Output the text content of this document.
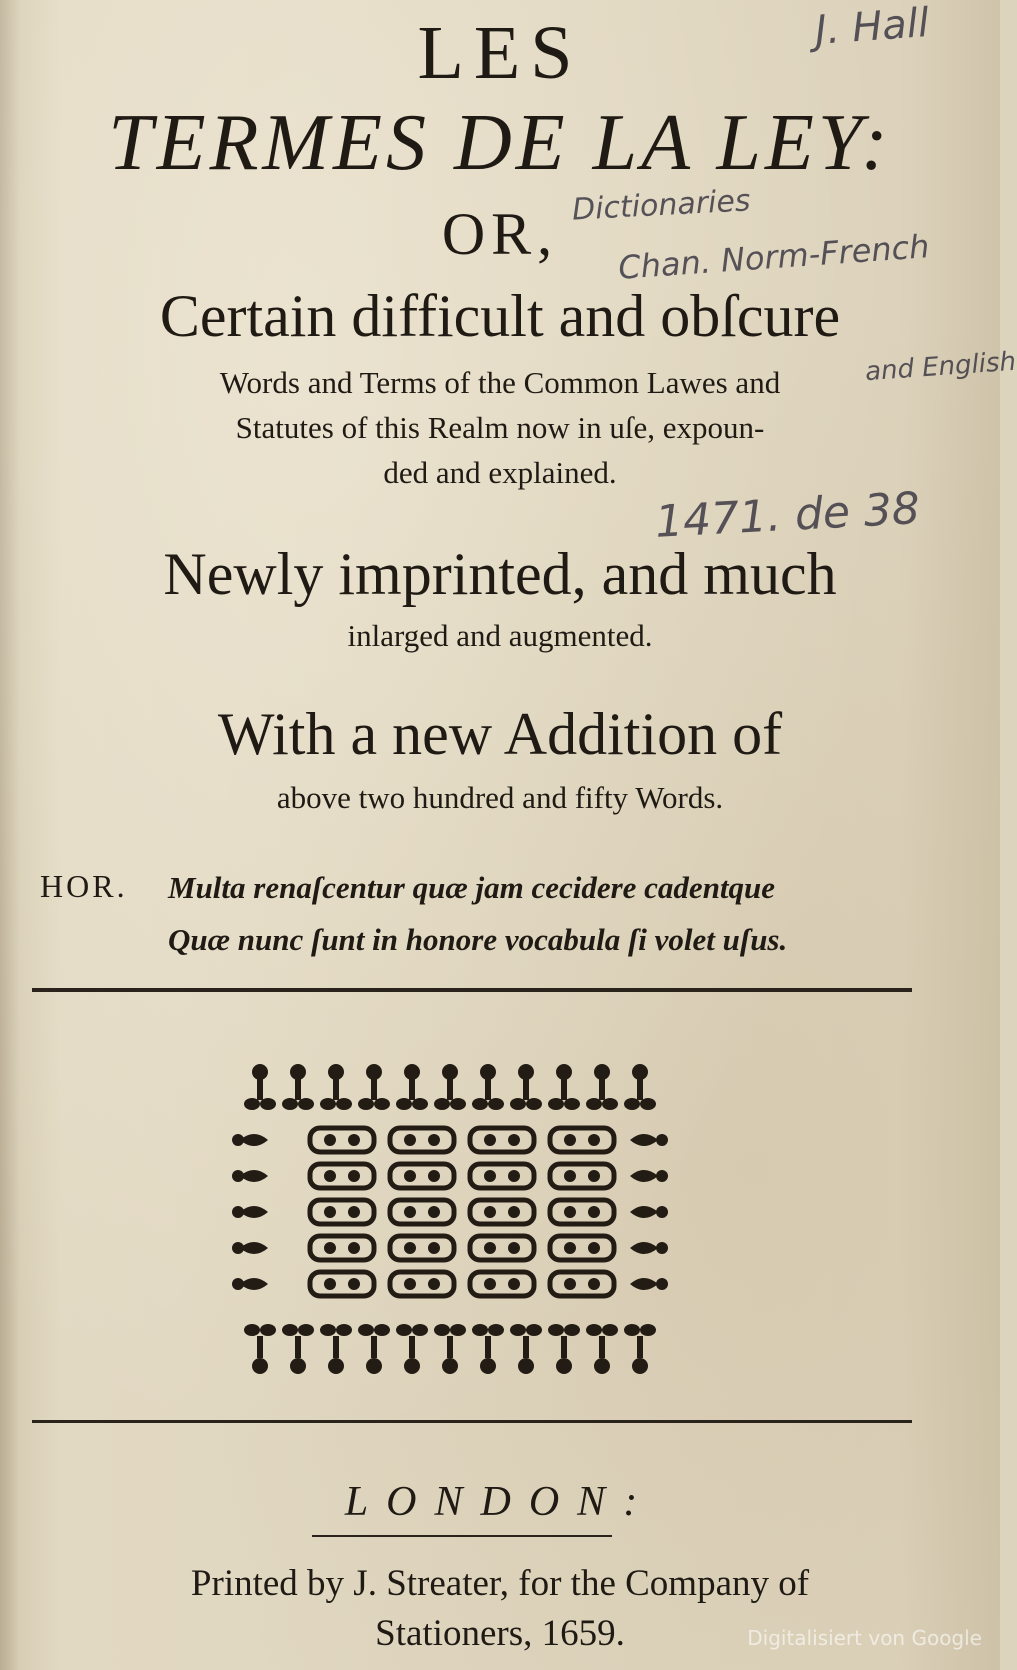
LES
TERMES DE LA LEY:
OR,
Certain difficult and obſcure
Words and Terms of the Common Lawes and
Statutes of this Realm now in uſe, expoun-
ded and explained.
Newly imprinted, and much
inlarged and augmented.
With a new Addition of
above two hundred and fifty Words.
HOR. Multa renaſcentur quæ jam cecidere cadentque
Quæ nunc ſunt in honore vocabula ſi volet uſus.
LONDON:
Printed by J. Streater, for the Company of
Stationers, 1659.
J. Hall
Dictionaries
Chan. Norm-French
and English
1471. de 38
Digitalisiert von Google
